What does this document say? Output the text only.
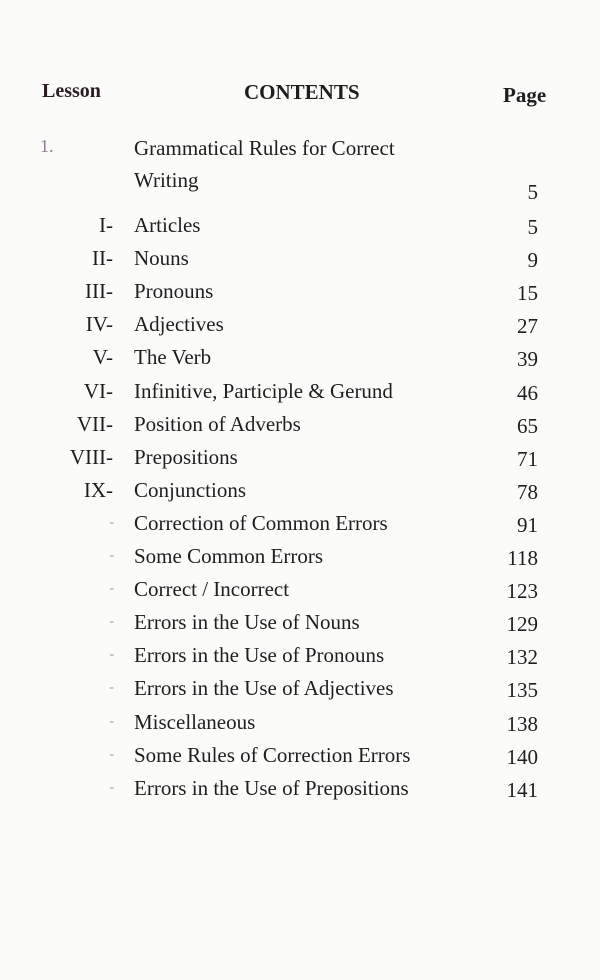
Lesson	CONTENTS	Page
1.	Grammatical Rules for Correct
Writing	5
I- Articles	5
II- Nouns	9
III- Pronouns	15
IV- Adjectives	27
V- The Verb	39
VI- Infinitive, Participle & Gerund	46
VII- Position of Adverbs	65
VIII- Prepositions	71
IX- Conjunctions	78
- Correction of Common Errors	91
- Some Common Errors	118
- Correct / Incorrect	123
- Errors in the Use of Nouns	129
- Errors in the Use of Pronouns	132
- Errors in the Use of Adjectives	135
- Miscellaneous	138
- Some Rules of Correction Errors	140
- Errors in the Use of Prepositions	141
